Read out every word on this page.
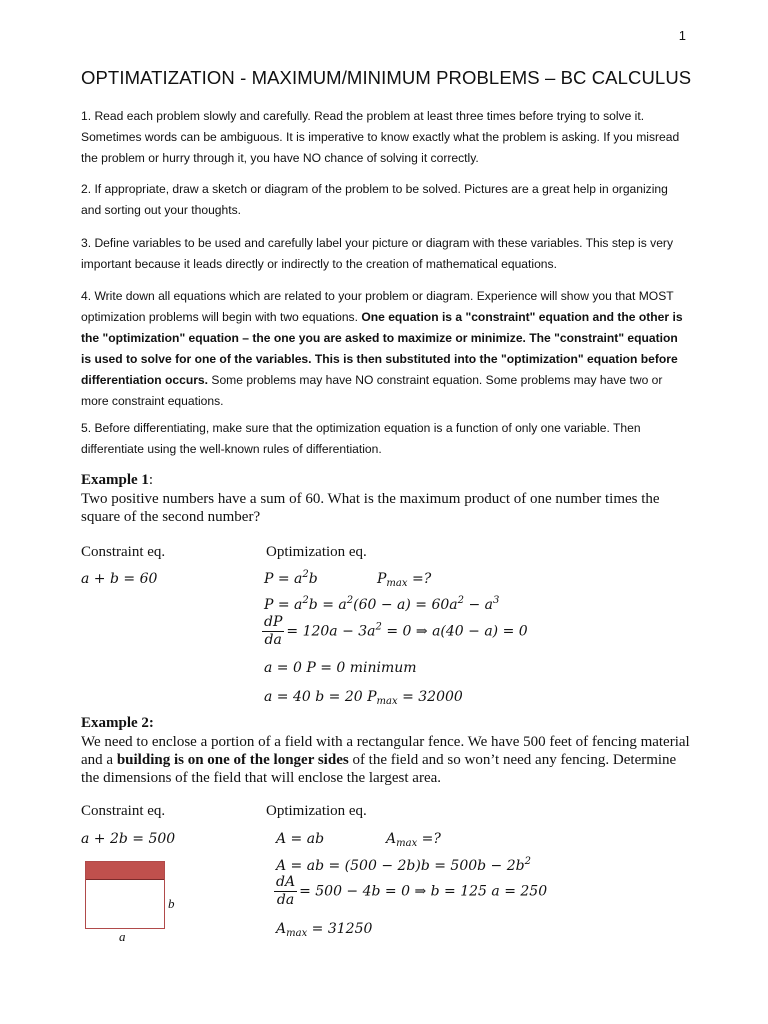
1
OPTIMATIZATION - MAXIMUM/MINIMUM PROBLEMS – BC CALCULUS
1. Read each problem slowly and carefully. Read the problem at least three times before trying to solve it. Sometimes words can be ambiguous. It is imperative to know exactly what the problem is asking. If you misread the problem or hurry through it, you have NO chance of solving it correctly.
2. If appropriate, draw a sketch or diagram of the problem to be solved. Pictures are a great help in organizing and sorting out your thoughts.
3. Define variables to be used and carefully label your picture or diagram with these variables. This step is very important because it leads directly or indirectly to the creation of mathematical equations.
4. Write down all equations which are related to your problem or diagram. Experience will show you that MOST optimization problems will begin with two equations. One equation is a "constraint" equation and the other is the "optimization" equation – the one you are asked to maximize or minimize. The "constraint" equation is used to solve for one of the variables. This is then substituted into the "optimization" equation before differentiation occurs. Some problems may have NO constraint equation. Some problems may have two or more constraint equations.
5. Before differentiating, make sure that the optimization equation is a function of only one variable. Then differentiate using the well-known rules of differentiation.
Example 1:
Two positive numbers have a sum of 60. What is the maximum product of one number times the square of the second number?
Constraint eq.	Optimization eq.
a + b = 60	$P = a^2b$	$P_{max}$ =?
$P = a^2b = a^2(60 - a) = 60a^2 - a^3$
$\frac{dP}{da} = 120a - 3a^2 = 0$ ⇒ a(40 − a) = 0
a = 0 P = 0 minimum
a = 40 b = 20 $P_{max} = 32000$
Example 2:
We need to enclose a portion of a field with a rectangular fence. We have 500 feet of fencing material and a building is on one of the longer sides of the field and so won’t need any fencing. Determine the dimensions of the field that will enclose the largest area.
Constraint eq.	Optimization eq.
a + 2b = 500	A = ab	$A_{max}$ =?
A = ab = $(500 - 2b)b = 500b - 2b^2$
$\frac{dA}{da} = 500 - 4b = 0$ ⇒ b = 125 a = 250
$A_{max} = 31250$
b
a
